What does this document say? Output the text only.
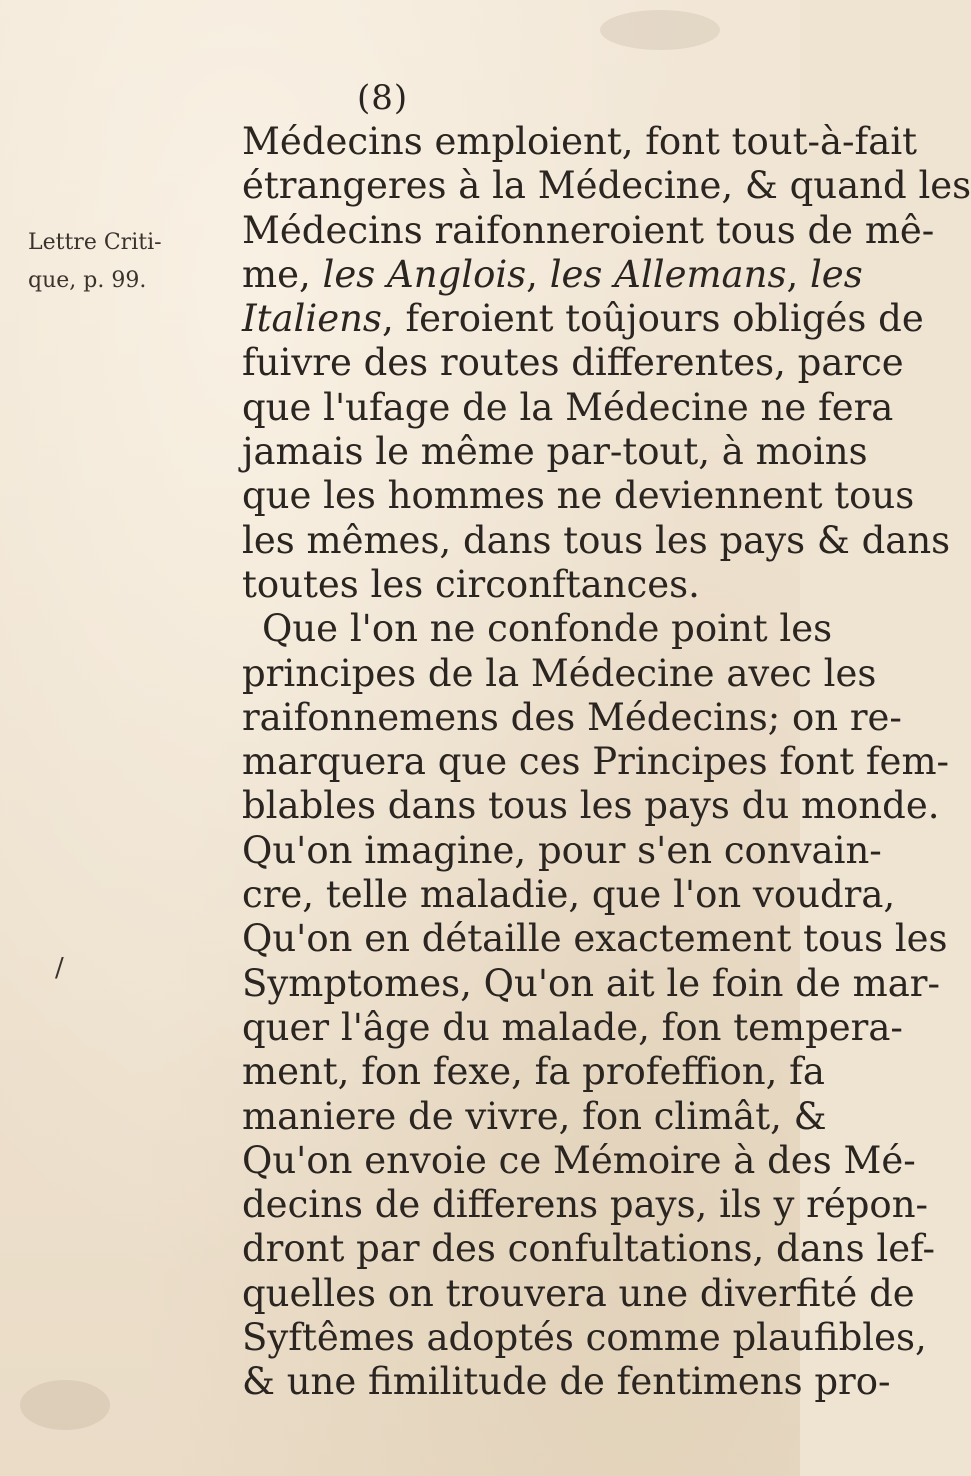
(8)
Lettre Criti-
que, p. 99.
/
Médecins emploient, font tout-à-fait
étrangeres à la Médecine, & quand les
Médecins raifonneroient tous de mê-
me, les Anglois, les Allemans, les
Italiens, feroient toûjours obligés de
fuivre des routes differentes, parce
que l'ufage de la Médecine ne fera
jamais le même par-tout, à moins
que les hommes ne deviennent tous
les mêmes, dans tous les pays & dans
toutes les circonftances.
Que l'on ne confonde point les
principes de la Médecine avec les
raifonnemens des Médecins; on re-
marquera que ces Principes font fem-
blables dans tous les pays du monde.
Qu'on imagine, pour s'en convain-
cre, telle maladie, que l'on voudra,
Qu'on en détaille exactement tous les
Symptomes, Qu'on ait le foin de mar-
quer l'âge du malade, fon tempera-
ment, fon fexe, fa profeffion, fa
maniere de vivre, fon climât, &
Qu'on envoie ce Mémoire à des Mé-
decins de differens pays, ils y répon-
dront par des confultations, dans lef-
quelles on trouvera une diverfité de
Syftêmes adoptés comme plaufibles,
& une fimilitude de fentimens pro-
